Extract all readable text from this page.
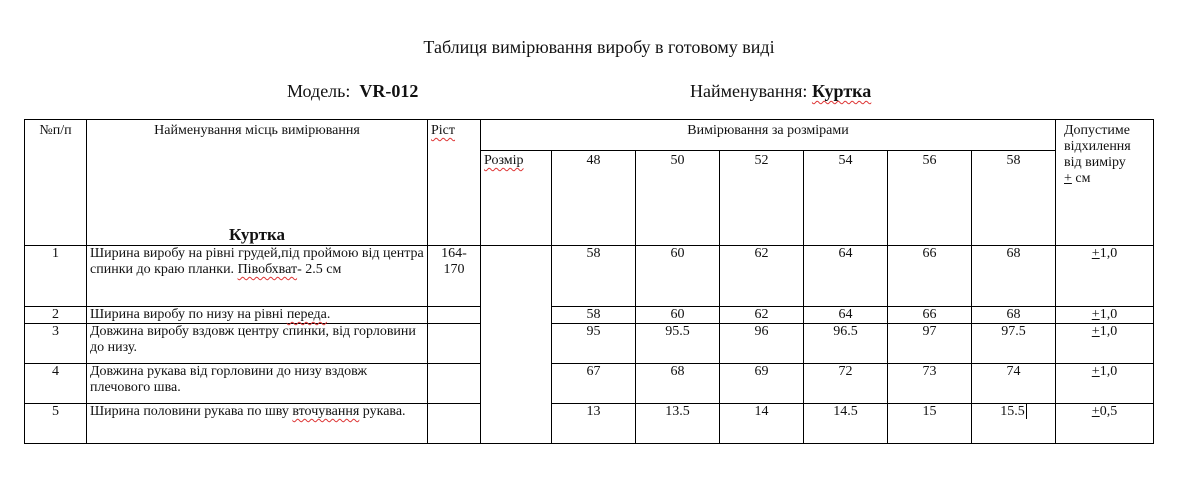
Таблиця вимірювання виробу в готовому виді
Модель: VR-012	Найменування: Куртка
№п/п	Найменування місць вимірювання
Куртка	Ріст	Вимірювання за розмірами							Допустиме відхилення від виміру
+ см
			Розмір	48	50	52	54	56	58	
1	Ширина виробу на рівні грудей,під проймою від центра спинки до краю планки. Півобхват- 2.5 см	164-170		58	60	62	64	66	68	+1,0
2	Ширина виробу по низу на рівні переда.			58	60	62	64	66	68	+1,0
3	Довжина виробу вздовж центру спинки, від горловини до низу.			95	95.5	96	96.5	97	97.5	+1,0
4	Довжина рукава від горловини до низу вздовж плечового шва.			67	68	69	72	73	74	+1,0
5	Ширина половини рукава по шву вточування рукава.			13	13.5	14	14.5	15	15.5	+0,5
